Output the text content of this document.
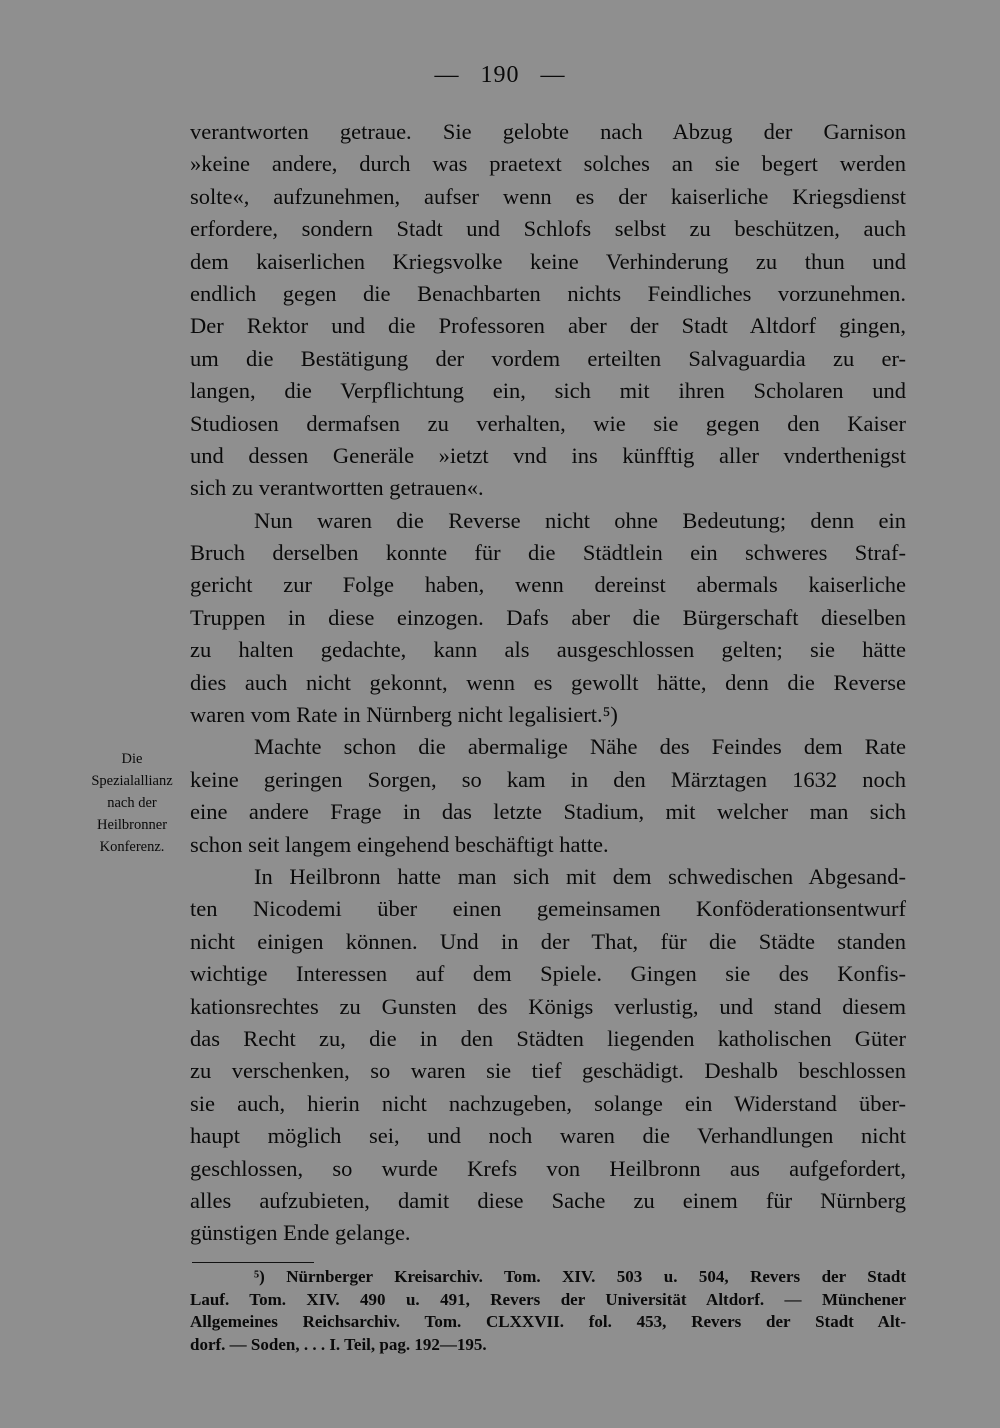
— 190 —
Die
Spezialallianz
nach der
Heilbronner
Konferenz.
verantworten getraue. Sie gelobte nach Abzug der Garnison
»keine andere, durch was praetext solches an sie begert werden
solte«, aufzunehmen, aufser wenn es der kaiserliche Kriegsdienst
erfordere, sondern Stadt und Schlofs selbst zu beschützen, auch
dem kaiserlichen Kriegsvolke keine Verhinderung zu thun und
endlich gegen die Benachbarten nichts Feindliches vorzunehmen.
Der Rektor und die Professoren aber der Stadt Altdorf gingen,
um die Bestätigung der vordem erteilten Salvaguardia zu er-
langen, die Verpflichtung ein, sich mit ihren Scholaren und
Studiosen dermafsen zu verhalten, wie sie gegen den Kaiser
und dessen Generäle »ietzt vnd ins künfftig aller vnderthenigst
sich zu verantwortten getrauen«.
Nun waren die Reverse nicht ohne Bedeutung; denn ein
Bruch derselben konnte für die Städtlein ein schweres Straf-
gericht zur Folge haben, wenn dereinst abermals kaiserliche
Truppen in diese einzogen. Dafs aber die Bürgerschaft dieselben
zu halten gedachte, kann als ausgeschlossen gelten; sie hätte
dies auch nicht gekonnt, wenn es gewollt hätte, denn die Reverse
waren vom Rate in Nürnberg nicht legalisiert.⁵)
Machte schon die abermalige Nähe des Feindes dem Rate
keine geringen Sorgen, so kam in den Märztagen 1632 noch
eine andere Frage in das letzte Stadium, mit welcher man sich
schon seit langem eingehend beschäftigt hatte.
In Heilbronn hatte man sich mit dem schwedischen Abgesand-
ten Nicodemi über einen gemeinsamen Konföderationsentwurf
nicht einigen können. Und in der That, für die Städte standen
wichtige Interessen auf dem Spiele. Gingen sie des Konfis-
kationsrechtes zu Gunsten des Königs verlustig, und stand diesem
das Recht zu, die in den Städten liegenden katholischen Güter
zu verschenken, so waren sie tief geschädigt. Deshalb beschlossen
sie auch, hierin nicht nachzugeben, solange ein Widerstand über-
haupt möglich sei, und noch waren die Verhandlungen nicht
geschlossen, so wurde Krefs von Heilbronn aus aufgefordert,
alles aufzubieten, damit diese Sache zu einem für Nürnberg
günstigen Ende gelange.
⁵) Nürnberger Kreisarchiv. Tom. XIV. 503 u. 504, Revers der Stadt
Lauf. Tom. XIV. 490 u. 491, Revers der Universität Altdorf. — Münchener
Allgemeines Reichsarchiv. Tom. CLXXVII. fol. 453, Revers der Stadt Alt-
dorf. — Soden, . . . I. Teil, pag. 192—195.
